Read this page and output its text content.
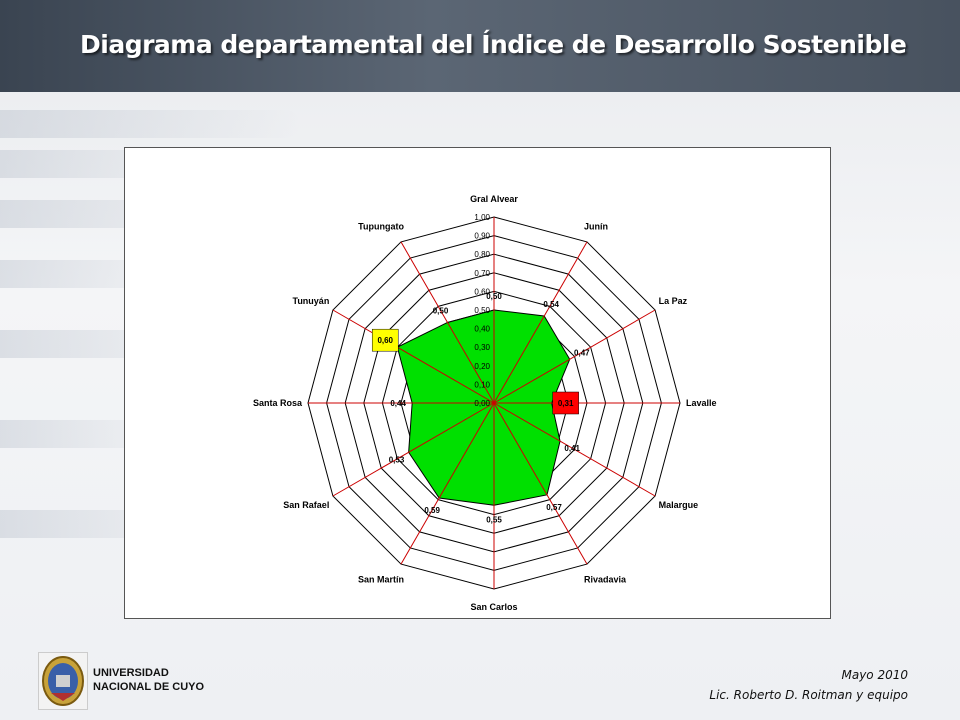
Diagrama departamental del Índice de Desarrollo Sostenible
0,00
0,10
0,20
0,30
0,40
0,50
0,60
0,70
0,80
0,90
1,00
Gral Alvear
Junín
La Paz
Lavalle
Malargue
Rivadavia
San Carlos
San Martín
San Rafael
Santa Rosa
Tunuyán
Tupungato
0,50
0,54
0,47
0,31
0,41
0,57
0,55
0,59
0,53
0,44
0,60
0,50
UNIVERSIDAD
NACIONAL DE CUYO
Mayo 2010
Lic. Roberto D. Roitman y equipo
